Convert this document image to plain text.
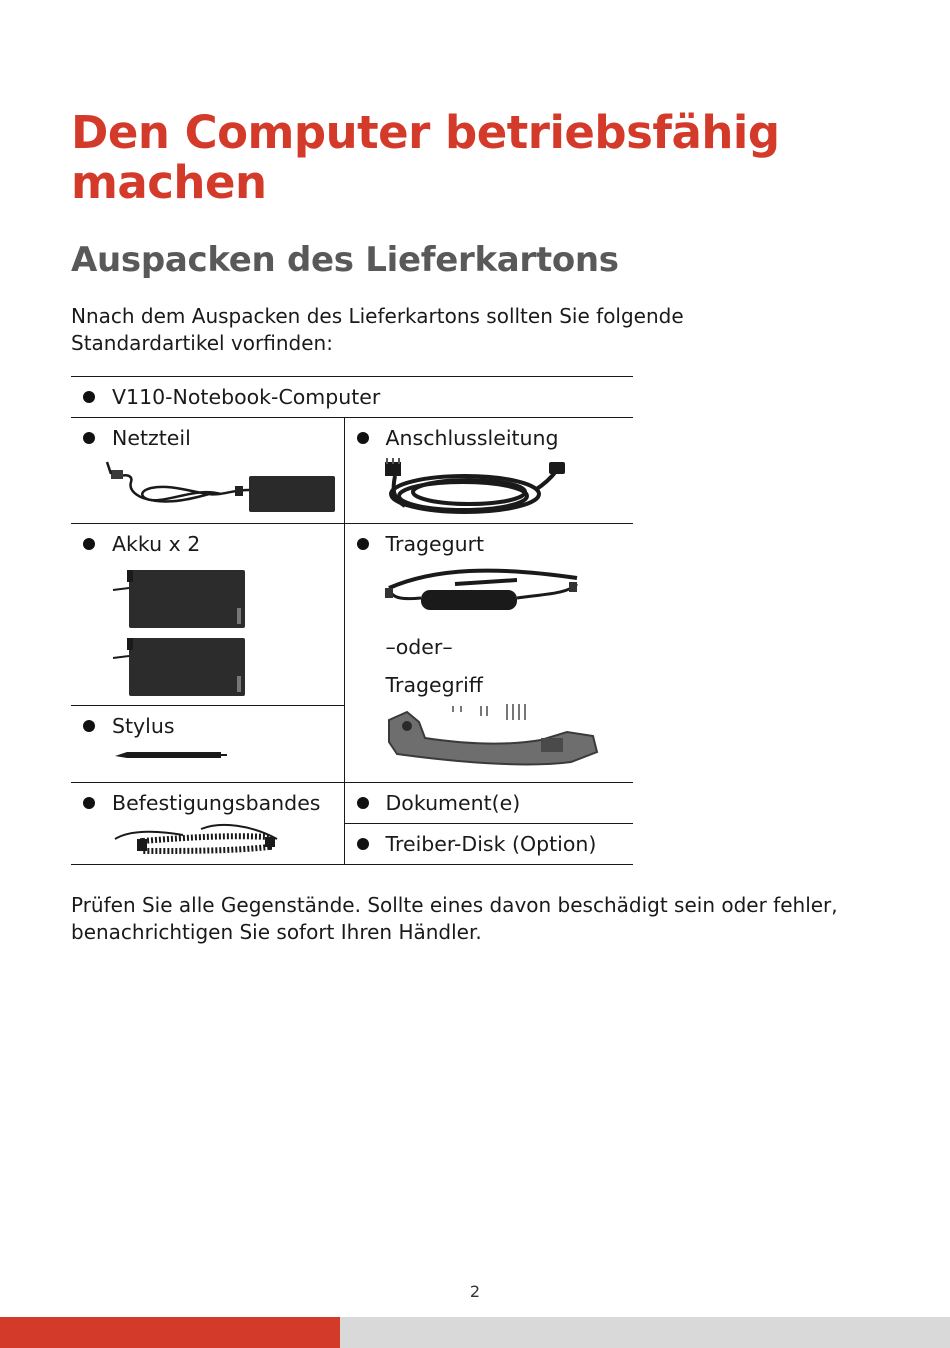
Den Computer betriebsfähig machen
Auspacken des Lieferkartons

Nnach dem Auspacken des Lieferkartons sollten Sie folgende Standardartikel vorfinden:

V110-Notebook-Computer	

Netzteil	Anschlussleitung

Akku x 2	Tragegurt
–oder–
Tragegriff

Stylus	

Befestigungsbandes	Dokument(e)

	Treiber-Disk (Option)

Prüfen Sie alle Gegenstände. Sollte eines davon beschädigt sein oder fehler, benachrichtigen Sie sofort Ihren Händler.

2
